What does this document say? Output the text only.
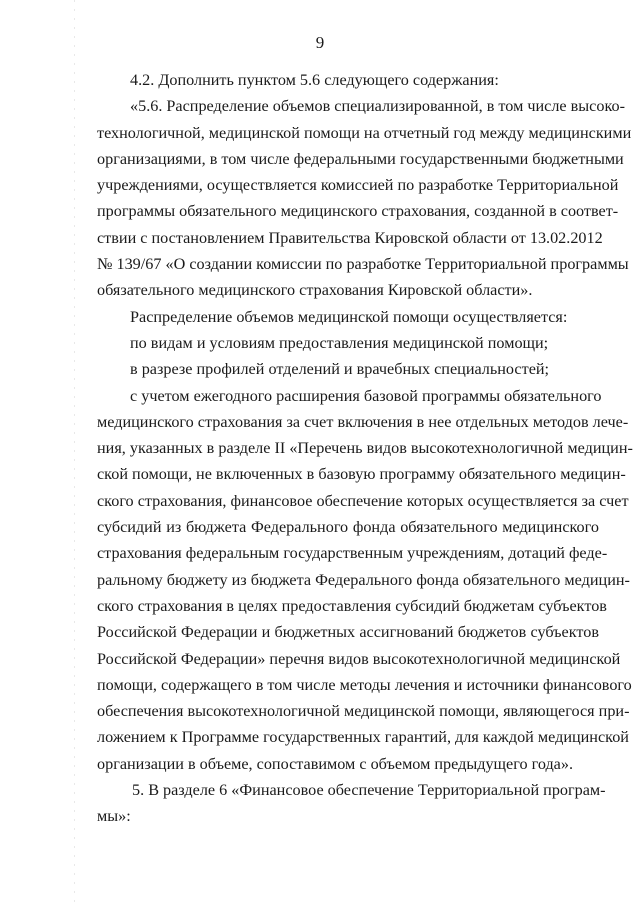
9
4.2. Дополнить пунктом 5.6 следующего содержания:
«5.6. Распределение объемов специализированной, в том числе высоко-
технологичной, медицинской помощи на отчетный год между медицинскими
организациями, в том числе федеральными государственными бюджетными
учреждениями, осуществляется комиссией по разработке Территориальной
программы обязательного медицинского страхования, созданной в соответ-
ствии с постановлением Правительства Кировской области от 13.02.2012
№ 139/67 «О создании комиссии по разработке Территориальной программы
обязательного медицинского страхования Кировской области».
Распределение объемов медицинской помощи осуществляется:
по видам и условиям предоставления медицинской помощи;
в разрезе профилей отделений и врачебных специальностей;
с учетом ежегодного расширения базовой программы обязательного
медицинского страхования за счет включения в нее отдельных методов лече-
ния, указанных в разделе II «Перечень видов высокотехнологичной медицин-
ской помощи, не включенных в базовую программу обязательного медицин-
ского страхования, финансовое обеспечение которых осуществляется за счет
субсидий из бюджета Федерального фонда обязательного медицинского
страхования федеральным государственным учреждениям, дотаций феде-
ральному бюджету из бюджета Федерального фонда обязательного медицин-
ского страхования в целях предоставления субсидий бюджетам субъектов
Российской Федерации и бюджетных ассигнований бюджетов субъектов
Российской Федерации» перечня видов высокотехнологичной медицинской
помощи, содержащего в том числе методы лечения и источники финансового
обеспечения высокотехнологичной медицинской помощи, являющегося при-
ложением к Программе государственных гарантий, для каждой медицинской
организации в объеме, сопоставимом с объемом предыдущего года».
5. В разделе 6 «Финансовое обеспечение Территориальной програм-
мы»:
